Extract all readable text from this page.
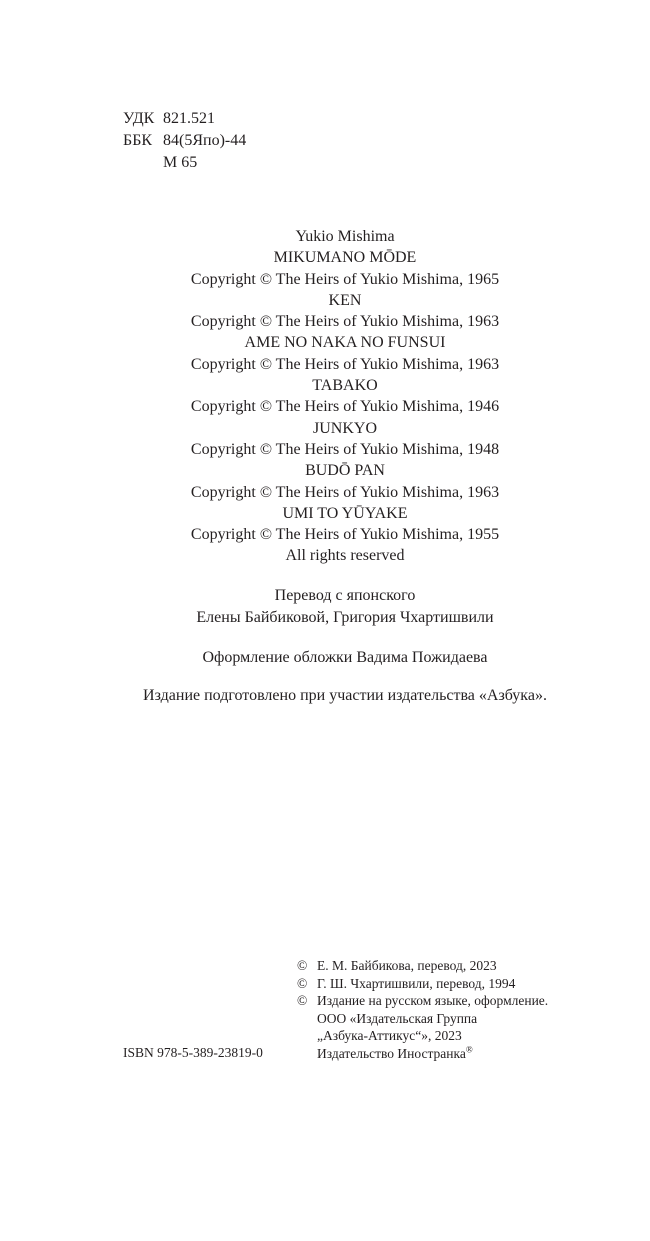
УДК 821.521
ББК 84(5Япо)-44
М 65
Yukio Mishima
MIKUMANO MŌDE
Copyright © The Heirs of Yukio Mishima, 1965
KEN
Copyright © The Heirs of Yukio Mishima, 1963
AME NO NAKA NO FUNSUI
Copyright © The Heirs of Yukio Mishima, 1963
TABAKO
Copyright © The Heirs of Yukio Mishima, 1946
JUNKYO
Copyright © The Heirs of Yukio Mishima, 1948
BUDŌ PAN
Copyright © The Heirs of Yukio Mishima, 1963
UMI TO YŪYAKE
Copyright © The Heirs of Yukio Mishima, 1955
All rights reserved
Перевод с японского
Елены Байбиковой, Григория Чхартишвили
Оформление обложки Вадима Пожидаева
Издание подготовлено при участии издательства «Азбука».
ISBN 978-5-389-23819-0
© Е. М. Байбикова, перевод, 2023
© Г. Ш. Чхартишвили, перевод, 1994
© Издание на русском языке, оформление.
ООО «Издательская Группа
„Азбука-Аттикус“», 2023
Издательство Иностранка®
